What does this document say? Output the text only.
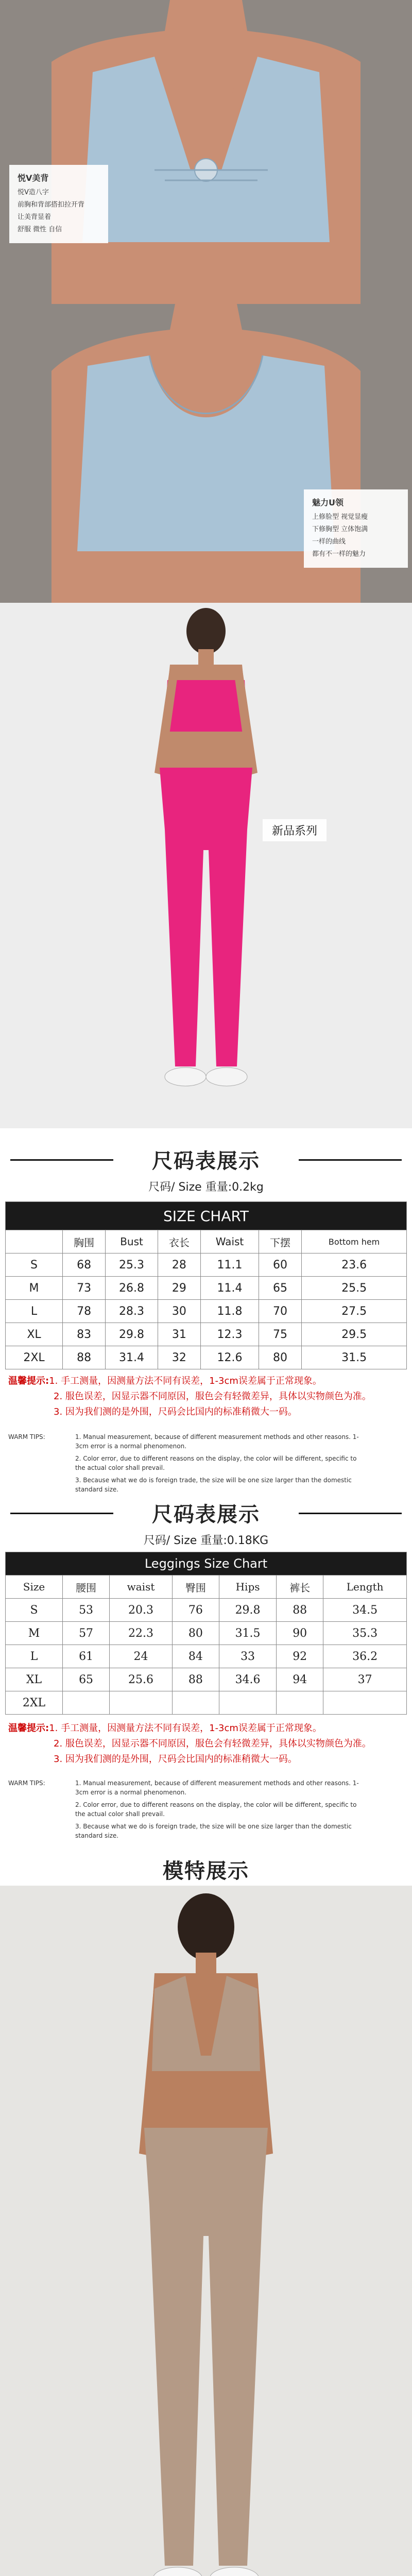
悦V美背
悦V造八字
前胸和背部搭扣拉开背
让美背显着
舒服 微性 自信
魅力U领
上修脸型 视觉显瘦
下修胸型 立体饱满
一样的曲线
都有不一样的魅力
新品系列
尺码表展示
尺码/ Size 重量:0.2kg
SIZE CHART						
	胸围	Bust	衣长	Waist	下摆	Bottom hem
S	68	25.3	28	11.1	60	23.6
M	73	26.8	29	11.4	65	25.5
L	78	28.3	30	11.8	70	27.5
XL	83	29.8	31	12.3	75	29.5
2XL	88	31.4	32	12.6	80	31.5
温馨提示:1. 手工测量，因测量方法不同有误差，1-3cm误差属于正常现象。
2. 服色误差，因显示器不同原因，服色会有轻微差异，具体以实物颜色为准。
3. 因为我们测的是外围，尺码会比国内的标准稍微大一码。
WARM TIPS:	1. Manual measurement, because of different measurement methods and other reasons. 1-3cm error is a normal phenomenon.

2. Color error, due to different reasons on the display, the color will be different, specific to the actual color shall prevail.

3. Because what we do is foreign trade, the size will be one size larger than the domestic standard size.

尺码表展示
尺码/ Size 重量:0.18KG
Leggings Size Chart						
Size	腰围	waist	臀围	Hips	裤长	Length
S	53	20.3	76	29.8	88	34.5
M	57	22.3	80	31.5	90	35.3
L	61	24	84	33	92	36.2
XL	65	25.6	88	34.6	94	37
2XL						
温馨提示:1. 手工测量，因测量方法不同有误差，1-3cm误差属于正常现象。
2. 服色误差，因显示器不同原因，服色会有轻微差异，具体以实物颜色为准。
3. 因为我们测的是外围，尺码会比国内的标准稍微大一码。
WARM TIPS:	1. Manual measurement, because of different measurement methods and other reasons. 1-3cm error is a normal phenomenon.

2. Color error, due to different reasons on the display, the color will be different, specific to the actual color shall prevail.

3. Because what we do is foreign trade, the size will be one size larger than the domestic standard size.

模特展示
